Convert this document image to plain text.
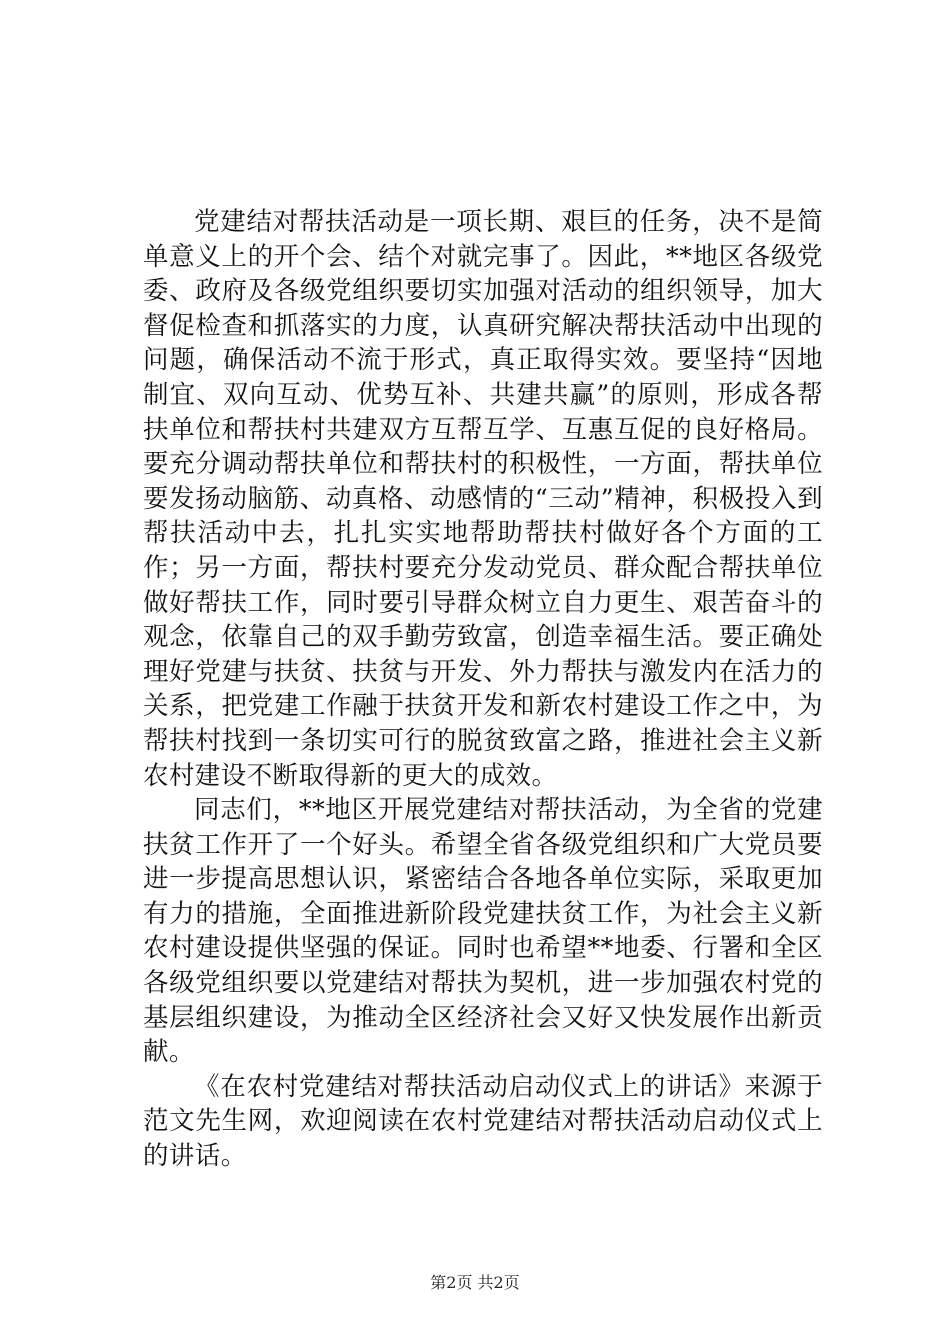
党建结对帮扶活动是一项长期、艰巨的任务，决不是简单意义上的开个会、结个对就完事了。因此，**地区各级党委、政府及各级党组织要切实加强对活动的组织领导，加大督促检查和抓落实的力度，认真研究解决帮扶活动中出现的问题，确保活动不流于形式，真正取得实效。要坚持“因地制宜、双向互动、优势互补、共建共赢”的原则，形成各帮扶单位和帮扶村共建双方互帮互学、互惠互促的良好格局。要充分调动帮扶单位和帮扶村的积极性，一方面，帮扶单位要发扬动脑筋、动真格、动感情的“三动”精神，积极投入到帮扶活动中去，扎扎实实地帮助帮扶村做好各个方面的工作；另一方面，帮扶村要充分发动党员、群众配合帮扶单位做好帮扶工作，同时要引导群众树立自力更生、艰苦奋斗的观念，依靠自己的双手勤劳致富，创造幸福生活。要正确处理好党建与扶贫、扶贫与开发、外力帮扶与激发内在活力的关系，把党建工作融于扶贫开发和新农村建设工作之中，为帮扶村找到一条切实可行的脱贫致富之路，推进社会主义新农村建设不断取得新的更大的成效。

同志们，**地区开展党建结对帮扶活动，为全省的党建扶贫工作开了一个好头。希望全省各级党组织和广大党员要进一步提高思想认识，紧密结合各地各单位实际，采取更加有力的措施，全面推进新阶段党建扶贫工作，为社会主义新农村建设提供坚强的保证。同时也希望**地委、行署和全区各级党组织要以党建结对帮扶为契机，进一步加强农村党的基层组织建设，为推动全区经济社会又好又快发展作出新贡献。

《在农村党建结对帮扶活动启动仪式上的讲话》来源于范文先生网，欢迎阅读在农村党建结对帮扶活动启动仪式上的讲话。

第2页 共2页
